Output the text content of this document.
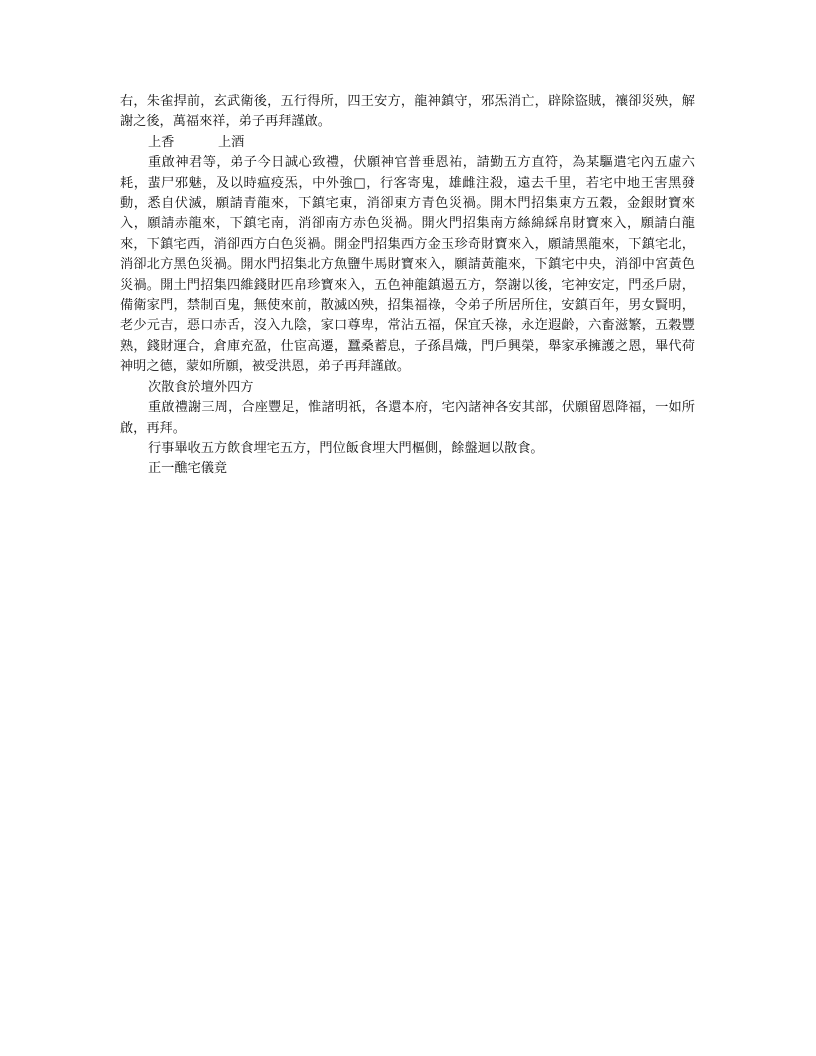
右，朱雀捍前，玄武衛後，五行得所，四王安方，龍神鎮守，邪炁消亡，辟除盜賊，禳卻災殃，解謝之後，萬福來祥，弟子再拜謹啟。

上香	上酒

重啟神君等，弟子今日誠心致禮，伏願神官普垂恩祐，請勤五方直符，為某驅遣宅內五虛六耗，蜚尸邪魅，及以時瘟疫炁，中外強□，行客寄鬼，雄雌注殺，遠去千里，若宅中地王害黑發動，悉自伏滅，願請青龍來，下鎮宅東，消卻東方青色災禍。開木門招集東方五穀，金銀財寶來入，願請赤龍來，下鎮宅南，消卻南方赤色災禍。開火門招集南方絲綿綵帛財寶來入，願請白龍來，下鎮宅西，消卻西方白色災禍。開金門招集西方金玉珍奇財寶來入，願請黑龍來，下鎮宅北，消卻北方黑色災禍。開水門招集北方魚鹽牛馬財寶來入，願請黃龍來，下鎮宅中央，消卻中宮黃色災禍。開土門招集四維錢財匹帛珍寶來入，五色神龍鎮遏五方，祭謝以後，宅神安定，門丞戶尉，備衛家門，禁制百鬼，無使來前，散滅凶殃，招集福祿，令弟子所居所住，安鎮百年，男女賢明，老少元吉，惡口赤舌，沒入九陰，家口尊卑，常沾五福，保宜夭祿，永迮遐齡，六畜滋繁，五穀豐熟，錢財運合，倉庫充盈，仕宦高遷，蠶桑蓄息，子孫昌熾，門戶興榮，舉家承擁護之恩，畢代荷神明之德，蒙如所願，被受洪恩，弟子再拜謹啟。

次散食於壇外四方

重啟禮謝三周，合座豐足，惟諸明祇，各還本府，宅內諸神各安其部，伏願留恩降福，一如所啟，再拜。

行事畢收五方飲食埋宅五方，門位飯食埋大門樞側，餘盤迴以散食。

正一醮宅儀竟
